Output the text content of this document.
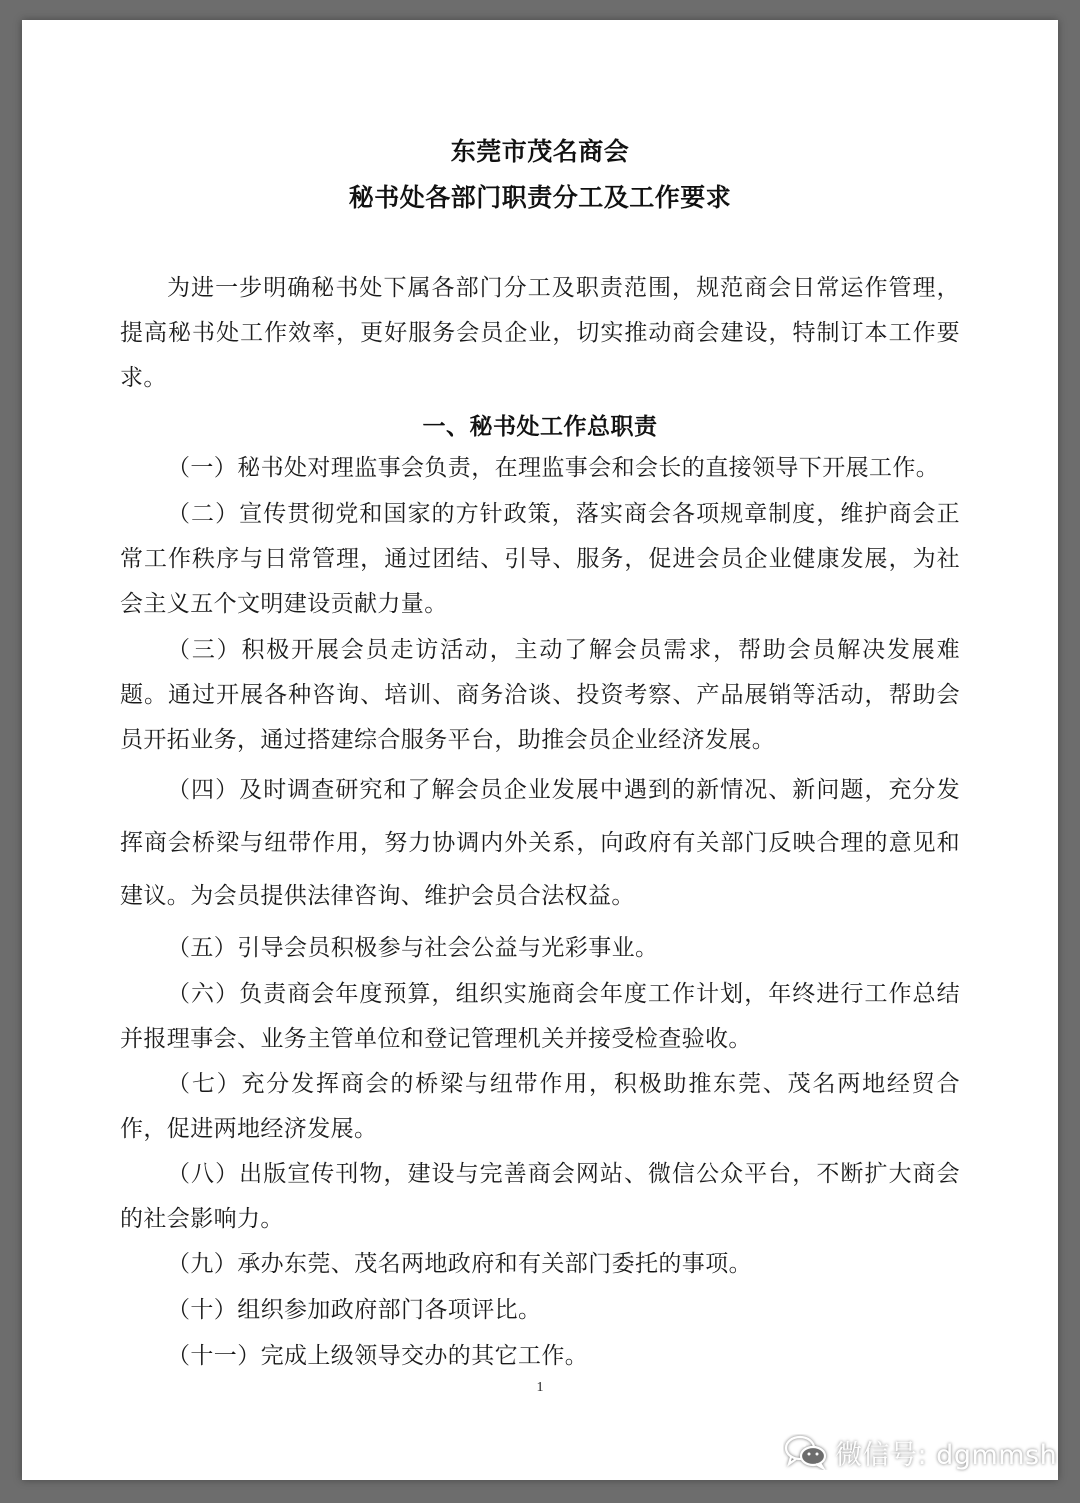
东莞市茂名商会
秘书处各部门职责分工及工作要求
为进一步明确秘书处下属各部门分工及职责范围，规范商会日常运作管理，提高秘书处工作效率，更好服务会员企业，切实推动商会建设，特制订本工作要求。
一、秘书处工作总职责
（一）秘书处对理监事会负责，在理监事会和会长的直接领导下开展工作。
（二）宣传贯彻党和国家的方针政策，落实商会各项规章制度，维护商会正常工作秩序与日常管理，通过团结、引导、服务，促进会员企业健康发展，为社会主义五个文明建设贡献力量。
（三）积极开展会员走访活动，主动了解会员需求，帮助会员解决发展难题。通过开展各种咨询、培训、商务洽谈、投资考察、产品展销等活动，帮助会员开拓业务，通过搭建综合服务平台，助推会员企业经济发展。
（四）及时调查研究和了解会员企业发展中遇到的新情况、新问题，充分发挥商会桥梁与纽带作用，努力协调内外关系，向政府有关部门反映合理的意见和建议。为会员提供法律咨询、维护会员合法权益。
（五）引导会员积极参与社会公益与光彩事业。
（六）负责商会年度预算，组织实施商会年度工作计划，年终进行工作总结并报理事会、业务主管单位和登记管理机关并接受检查验收。
（七）充分发挥商会的桥梁与纽带作用，积极助推东莞、茂名两地经贸合作，促进两地经济发展。
（八）出版宣传刊物，建设与完善商会网站、微信公众平台，不断扩大商会的社会影响力。
（九）承办东莞、茂名两地政府和有关部门委托的事项。
（十）组织参加政府部门各项评比。
（十一）完成上级领导交办的其它工作。
1
微信号: dgmmsh
